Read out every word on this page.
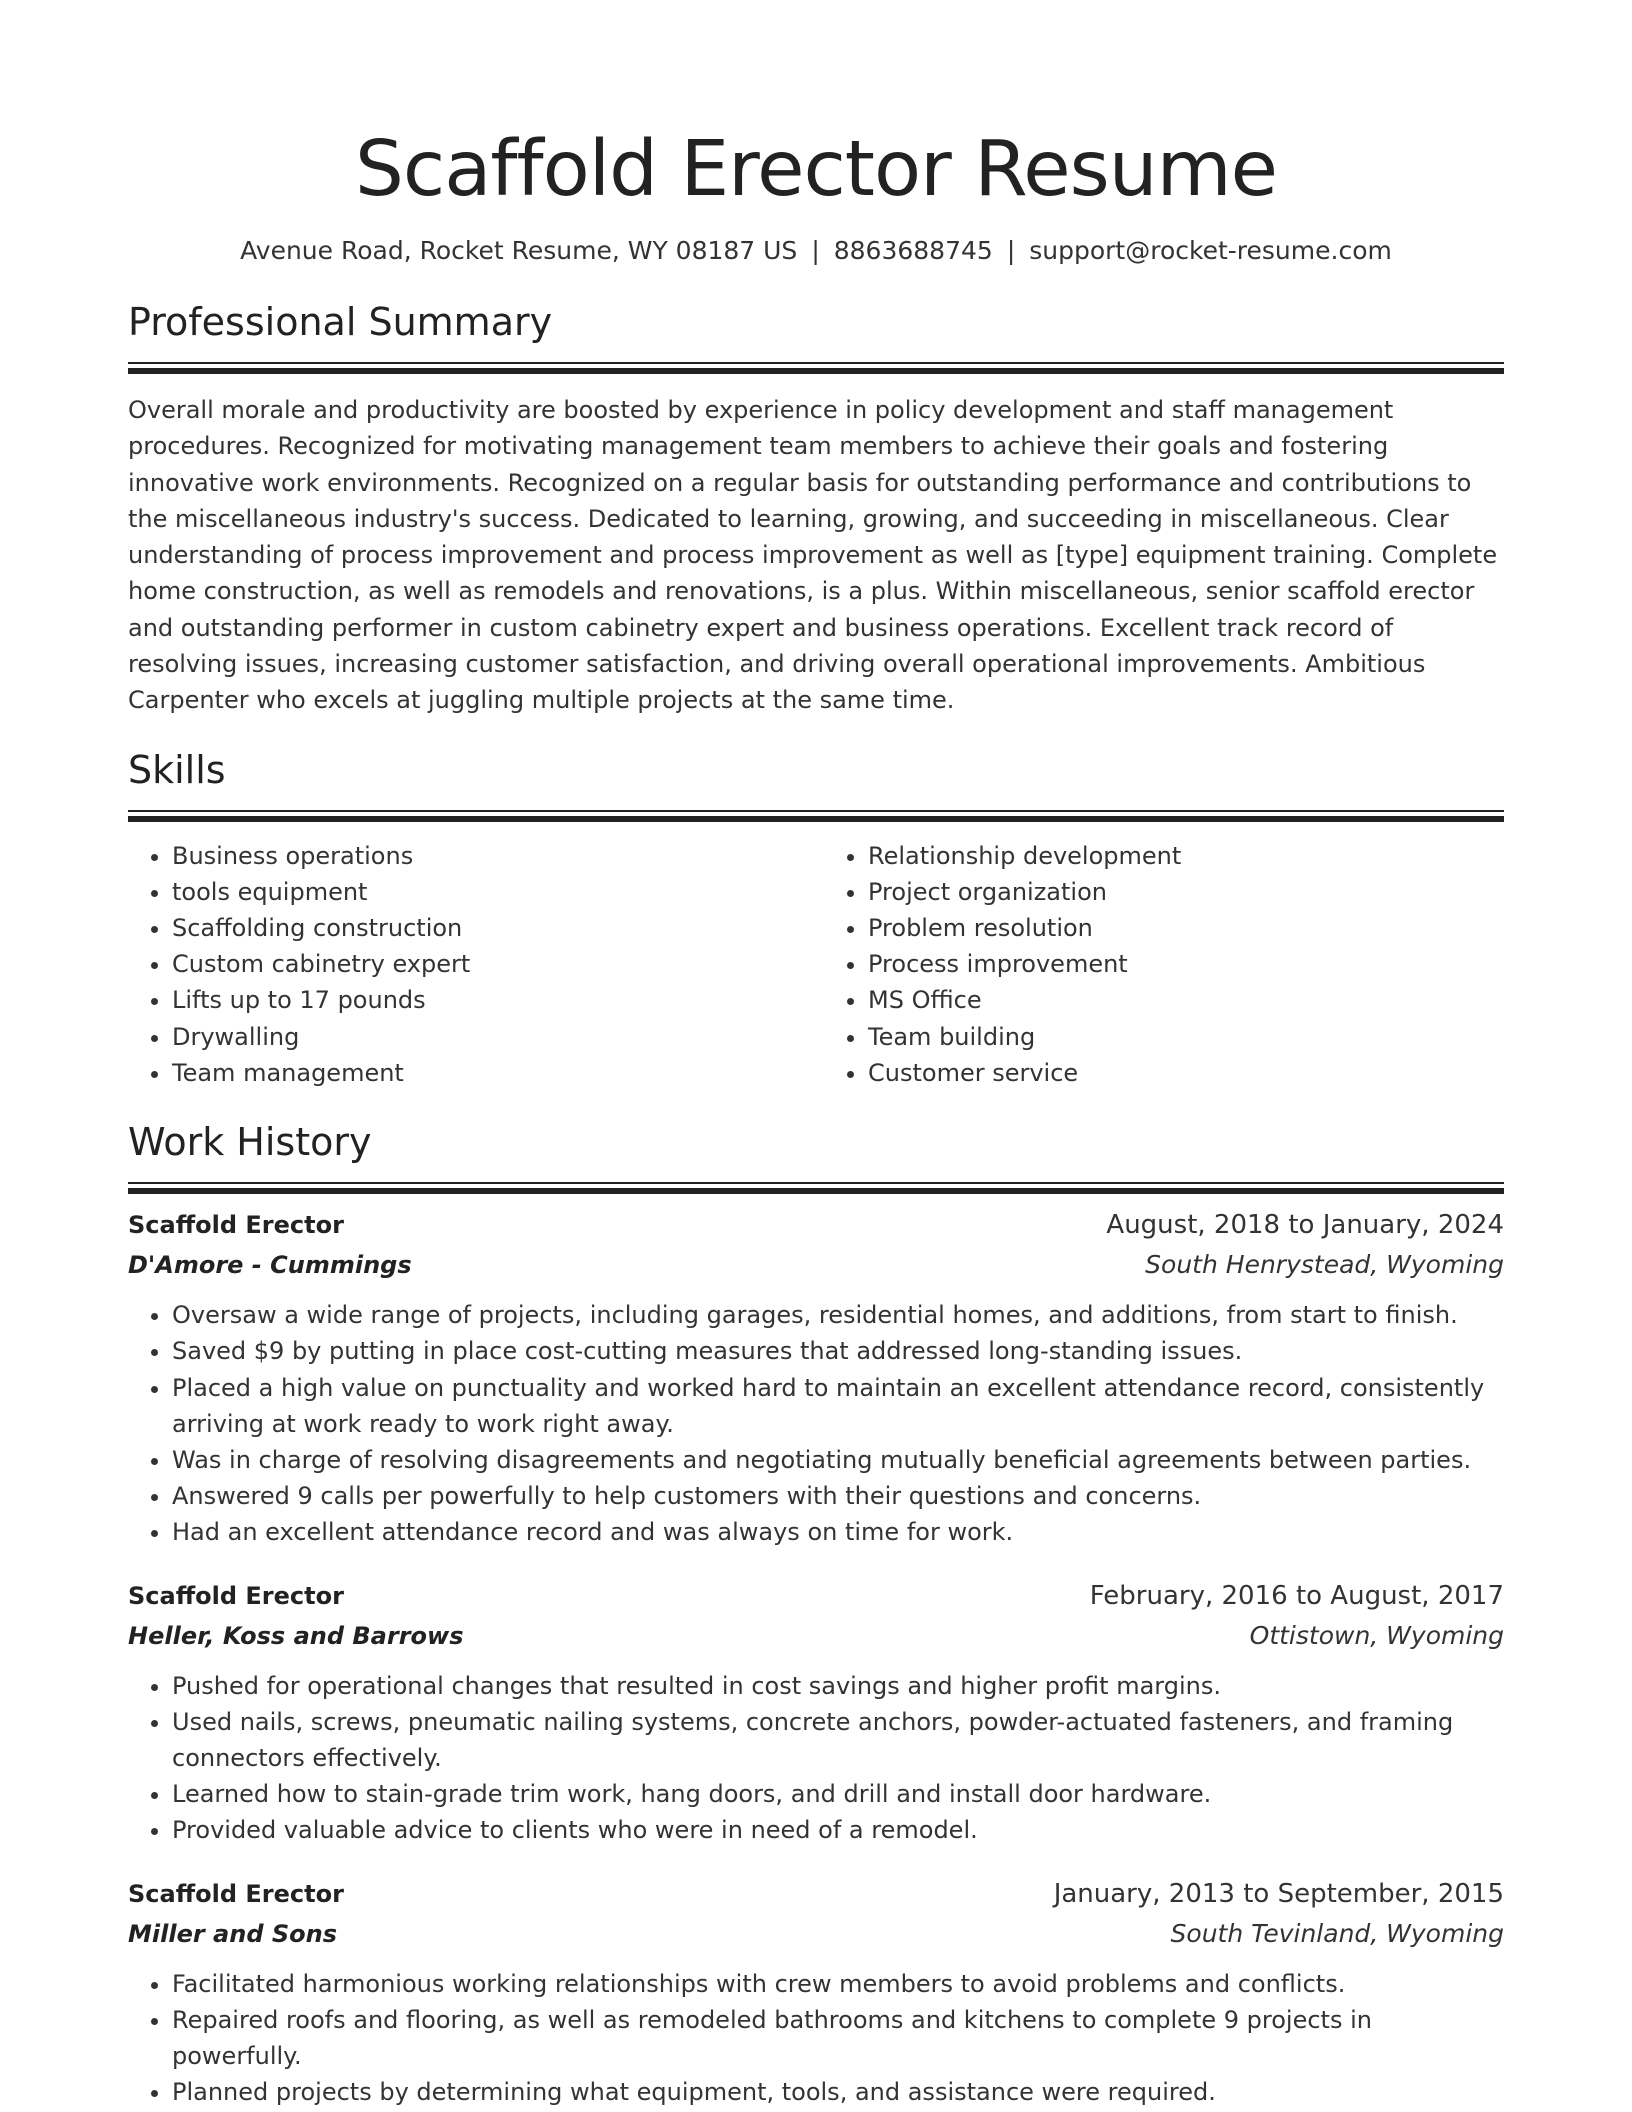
Scaffold Erector Resume
Avenue Road, Rocket Resume, WY 08187 US | 8863688745 | support@rocket-resume.com
Professional Summary

Overall morale and productivity are boosted by experience in policy development and staff management procedures. Recognized for motivating management team members to achieve their goals and fostering innovative work environments. Recognized on a regular basis for outstanding performance and contributions to the miscellaneous industry's success. Dedicated to learning, growing, and succeeding in miscellaneous. Clear understanding of process improvement and process improvement as well as [type] equipment training. Complete home construction, as well as remodels and renovations, is a plus. Within miscellaneous, senior scaffold erector and outstanding performer in custom cabinetry expert and business operations. Excellent track record of resolving issues, increasing customer satisfaction, and driving overall operational improvements. Ambitious Carpenter who excels at juggling multiple projects at the same time.

Skills
• Business operations
• tools equipment
• Scaffolding construction
• Custom cabinetry expert
• Lifts up to 17 pounds
• Drywalling
• Team management
• Relationship development
• Project organization
• Problem resolution
• Process improvement
• MS Office
• Team building
• Customer service
Work History
Scaffold Erector	August, 2018 to January, 2024
D'Amore - Cummings	South Henrystead, Wyoming
• Oversaw a wide range of projects, including garages, residential homes, and additions, from start to finish.
• Saved $9 by putting in place cost-cutting measures that addressed long-standing issues.
• Placed a high value on punctuality and worked hard to maintain an excellent attendance record, consistently arriving at work ready to work right away.
• Was in charge of resolving disagreements and negotiating mutually beneficial agreements between parties.
• Answered 9 calls per powerfully to help customers with their questions and concerns.
• Had an excellent attendance record and was always on time for work.
Scaffold Erector	February, 2016 to August, 2017
Heller, Koss and Barrows	Ottistown, Wyoming
• Pushed for operational changes that resulted in cost savings and higher profit margins.
• Used nails, screws, pneumatic nailing systems, concrete anchors, powder-actuated fasteners, and framing connectors effectively.
• Learned how to stain-grade trim work, hang doors, and drill and install door hardware.
• Provided valuable advice to clients who were in need of a remodel.
Scaffold Erector	January, 2013 to September, 2015
Miller and Sons	South Tevinland, Wyoming
• Facilitated harmonious working relationships with crew members to avoid problems and conflicts.
• Repaired roofs and flooring, as well as remodeled bathrooms and kitchens to complete 9 projects in powerfully.
• Planned projects by determining what equipment, tools, and assistance were required.
